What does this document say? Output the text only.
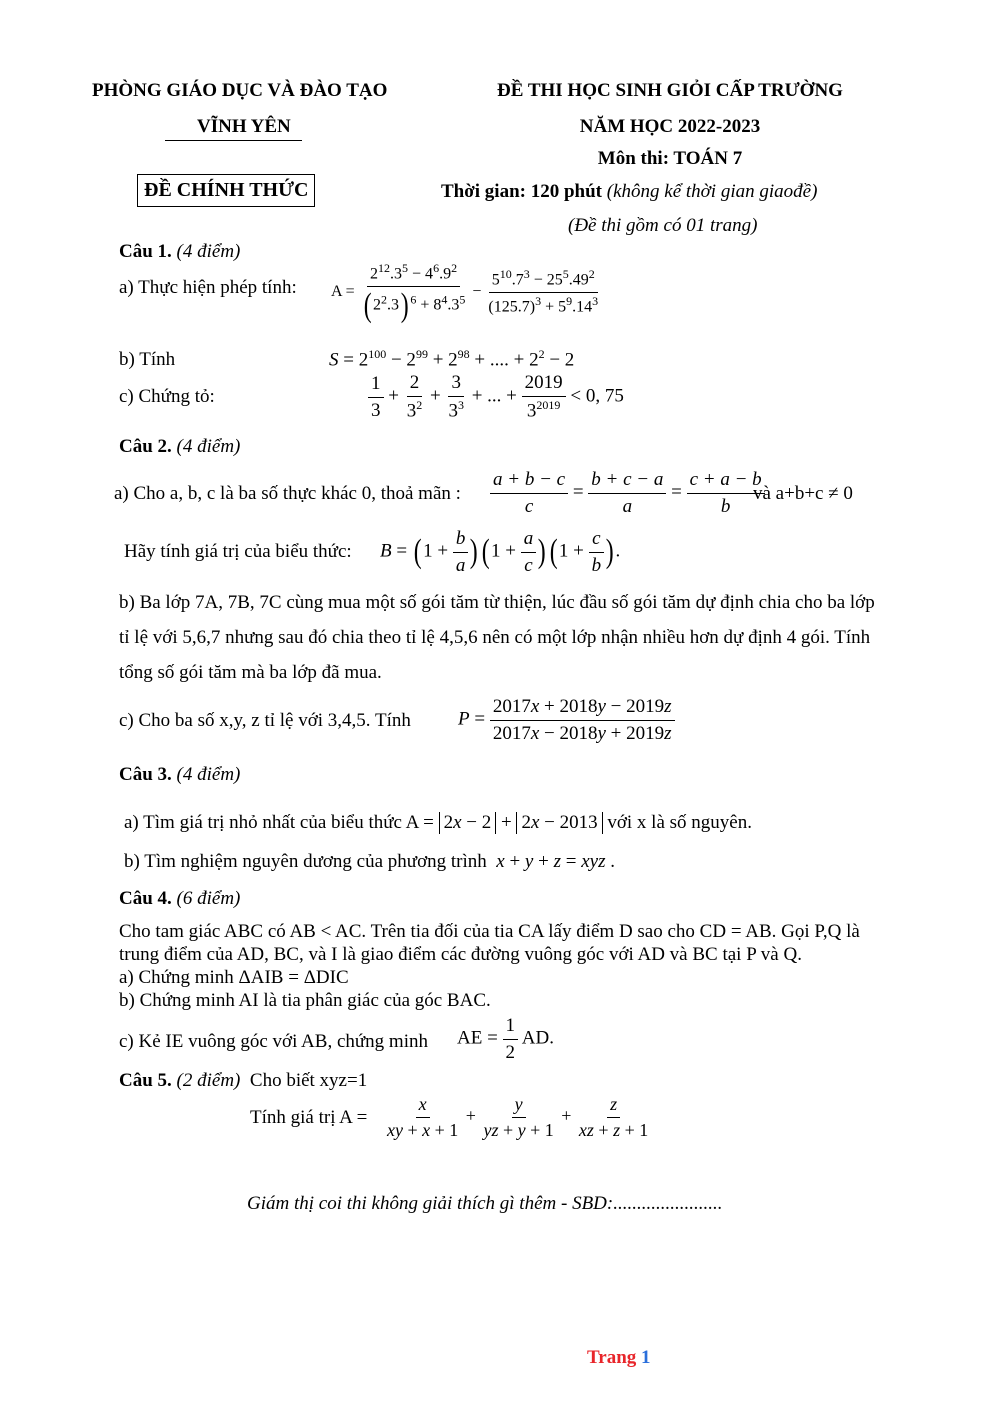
PHÒNG GIÁO DỤC VÀ ĐÀO TẠO
VĨNH YÊN
ĐỀ CHÍNH THỨC
ĐỀ THI HỌC SINH GIỎI CẤP TRƯỜNG
NĂM HỌC 2022-2023
Môn thi: TOÁN 7
Thời gian: 120 phút (không kể thời gian giaođề)
(Đề thi gồm có 01 trang)
Câu 1. (4 điểm)
a) Thực hiện phép tính: $A = \frac{2^{12}.3^5 - 4^6.9^2}{( 2^2.3) ^6 + 8^4.3^5} - \frac{5^{10}.7^3 - 25^5.49^2}{(125.7)^3 + 5^9.14^3}$
b) Tính	$S = 2^{100} - 2^{99} + 2^{98}$ + .... + $2^2 - 2$
c) Chứng tỏ:	$\frac{1}{3} + \frac{2}{3^2} + \frac{3}{3^3}$ + ... + $\frac{2019}{3^{2019}} < 0$, 75
Câu 2. (4 điểm)
a) Cho a, b, c là ba số thực khác 0, thoả mãn : $\frac{a + b - c}{c} = \frac{b + c - a}{a} = \frac{c + a - b}{b}$
và a+b+c ≠ 0
Hãy tính giá trị của biểu thức: $B = (1 + \frac{b}{a} )(1 + \frac{a}{c} )(1 + \frac{c}{b}$ ).
b) Ba lớp 7A, 7B, 7C cùng mua một số gói tăm từ thiện, lúc đầu số gói tăm dự định chia cho ba lớp
tỉ lệ với 5,6,7 nhưng sau đó chia theo tỉ lệ 4,5,6 nên có một lớp nhận nhiều hơn dự định 4 gói. Tính
tổng số gói tăm mà ba lớp đã mua.
c) Cho ba số x,y, z tỉ lệ với 3,4,5. Tính $P = \frac{2017x + 2018y - 2019z}{2017x - 2018y + 2019z}$
Câu 3. (4 điểm)
a) Tìm giá trị nhỏ nhất của biểu thức A = 2x − 2 + 2x − 2013 với x là số nguyên.
b) Tìm nghiệm nguyên dương của phương trình x + y + z = xyz .
Câu 4. (6 điểm)
Cho tam giác ABC có AB < AC. Trên tia đối của tia CA lấy điểm D sao cho CD = AB. Gọi P,Q là
trung điểm của AD, BC, và I là giao điểm các đường vuông góc với AD và BC tại P và Q.
a) Chứng minh ΔAIB = ΔDIC
b) Chứng minh AI là tia phân giác của góc BAC.
c) Kẻ IE vuông góc với AB, chứng minh AE = $\frac{1}{2}$ AD.
Câu 5. (2 điểm) Cho biết xyz=1
Tính giá trị $A = \frac{x}{xy + x + 1} + \frac{y}{yz + y + 1} + \frac{z}{xz + z + 1}$
Giám thị coi thi không giải thích gì thêm - SBD:.......................
Trang 1
